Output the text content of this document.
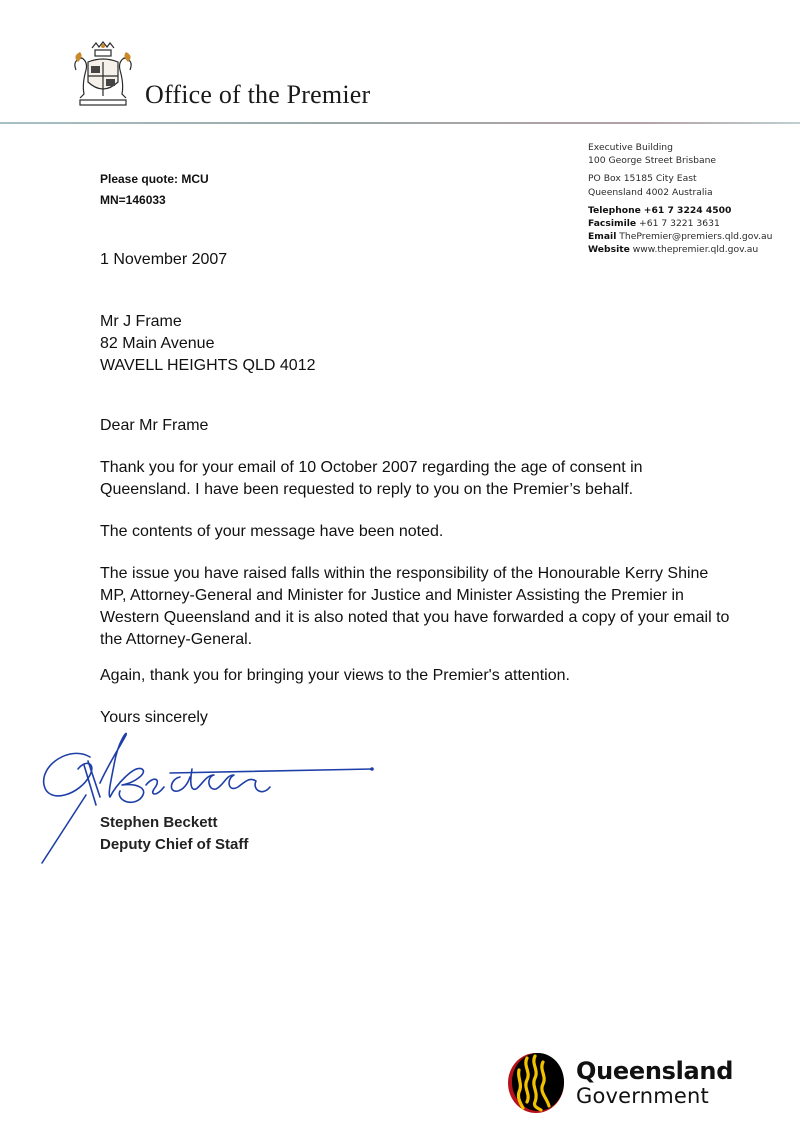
Office of the Premier
Executive Building
100 George Street Brisbane
PO Box 15185 City East
Queensland 4002 Australia
Telephone +61 7 3224 4500
Facsimile +61 7 3221 3631
Email ThePremier@premiers.qld.gov.au
Website www.thepremier.qld.gov.au
Please quote: MCU
MN=146033
1 November 2007
Mr J Frame
82 Main Avenue
WAVELL HEIGHTS QLD 4012
Dear Mr Frame
Thank you for your email of 10 October 2007 regarding the age of consent in
Queensland. I have been requested to reply to you on the Premier’s behalf.
The contents of your message have been noted.
The issue you have raised falls within the responsibility of the Honourable Kerry Shine
MP, Attorney-General and Minister for Justice and Minister Assisting the Premier in
Western Queensland and it is also noted that you have forwarded a copy of your email to
the Attorney-General.
Again, thank you for bringing your views to the Premier's attention.
Yours sincerely
Stephen Beckett
Deputy Chief of Staff
Queensland
Government
